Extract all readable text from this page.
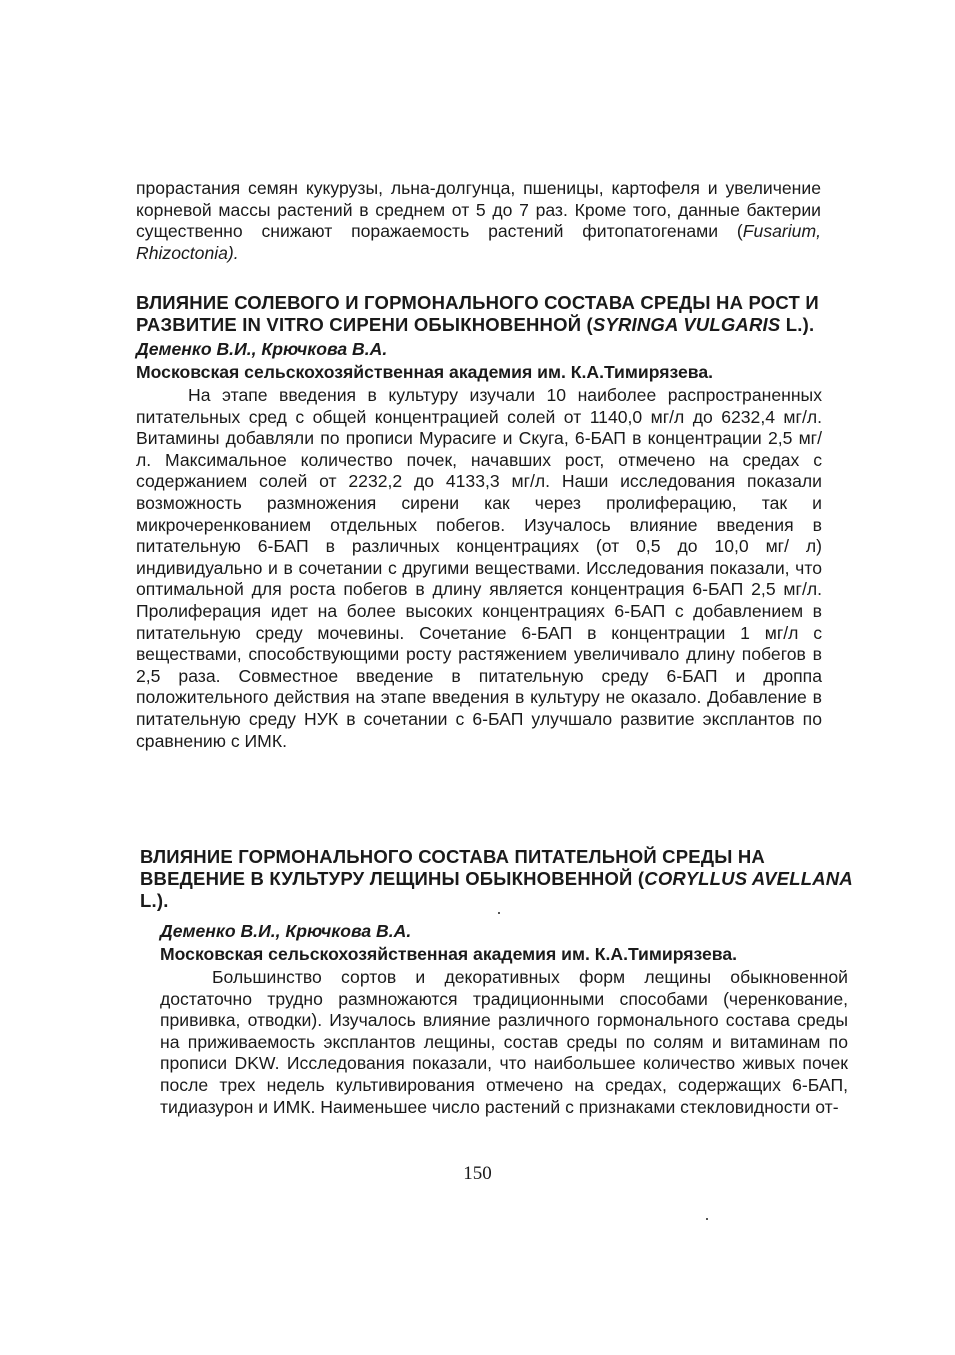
прорастания семян кукурузы, льна-долгунца, пшеницы, картофеля и увеличение корневой массы растений в среднем от 5 до 7 раз. Кроме того, данные бактерии существенно снижают поражаемость растений фитопатогенами (Fusarium, Rhizoctonia).

ВЛИЯНИЕ СОЛЕВОГО И ГОРМОНАЛЬНОГО СОСТАВА СРЕДЫ НА РОСТ И РАЗВИТИЕ IN VITRO СИРЕНИ ОБЫКНОВЕННОЙ (SYRINGA VULGARIS L.).

Деменко В.И., Крючкова В.А.

Московская сельскохозяйственная академия им. К.А.Тимирязева.

На этапе введения в культуру изучали 10 наиболее распространенных питательных сред с общей концентрацией солей от 1140,0 мг/л до 6232,4 мг/л. Витамины добавляли по прописи Мурасиге и Скуга, 6-БАП в концентрации 2,5 мг/л. Максимальное количество почек, начавших рост, отмечено на средах с содержанием солей от 2232,2 до 4133,3 мг/л. Наши исследования показали возможность размножения сирени как через пролиферацию, так и микрочеренкованием отдельных побегов. Изучалось влияние введения в питательную 6-БАП в различных концентрациях (от 0,5 до 10,0 мг/ л) индивидуально и в сочетании с другими веществами. Исследования показали, что оптимальной для роста побегов в длину является концентрация 6-БАП 2,5 мг/л. Пролиферация идет на более высоких концентрациях 6-БАП с добавлением в питательную среду мочевины. Сочетание 6-БАП в концентрации 1 мг/л с веществами, способствующими росту растяжением увеличивало длину побегов в 2,5 раза. Совместное введение в питательную среду 6-БАП и дроппа положительного действия на этапе введения в культуру не оказало. Добавление в питательную среду НУК в сочетании с 6-БАП улучшало развитие эксплантов по сравнению с ИМК.

ВЛИЯНИЕ ГОРМОНАЛЬНОГО СОСТАВА ПИТАТЕЛЬНОЙ СРЕДЫ НА ВВЕДЕНИЕ В КУЛЬТУРУ ЛЕЩИНЫ ОБЫКНОВЕННОЙ (CORYLLUS AVELLANA L.).

Деменко В.И., Крючкова В.А.

Московская сельскохозяйственная академия им. К.А.Тимирязева.

Большинство сортов и декоративных форм лещины обыкновенной достаточно трудно размножаются традиционными способами (черенкование, прививка, отводки). Изучалось влияние различного гормонального состава среды на приживаемость эксплантов лещины, состав среды по солям и витаминам по прописи DKW. Исследования показали, что наибольшее количество живых почек после трех недель культивирования отмечено на средах, содержащих 6-БАП, тидиазурон и ИМК. Наименьшее число растений с признаками стекловидности от-

150
